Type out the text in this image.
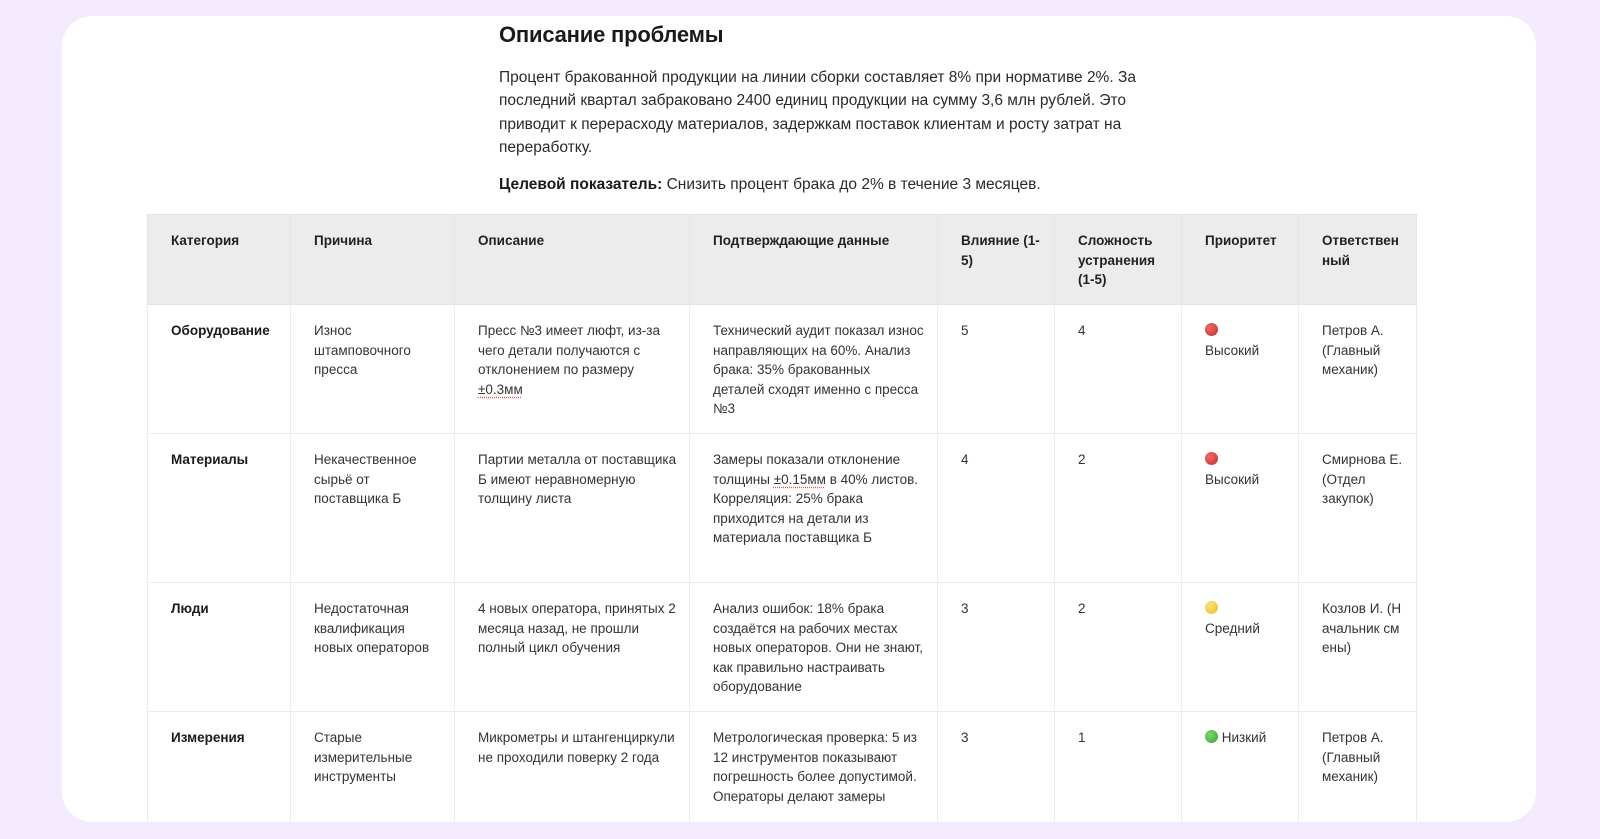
Описание проблемы

Процент бракованной продукции на линии сборки составляет 8% при нормативе 2%. За последний квартал забраковано 2400 единиц продукции на сумму 3,6 млн рублей. Это приводит к перерасходу материалов, задержкам поставок клиентам и росту затрат на переработку.

Целевой показатель: Снизить процент брака до 2% в течение 3 месяцев.

Категория	Причина	Описание	Подтверждающие данные	Влияние (1-5)	Сложность устранения (1-5)	Приоритет	Ответственный
Оборудование	Износ штамповочного пресса	Пресс №3 имеет люфт, из-за чего детали получаются с отклонением по размеру ±0.3мм	Технический аудит показал износ направляющих на 60%. Анализ брака: 35% бракованных деталей сходят именно с пресса №3	5	4	Высокий	Петров А. (Главный механик)
Материалы	Некачественное сырьё от поставщика Б	Партии металла от поставщика Б имеют неравномерную толщину листа	Замеры показали отклонение толщины ±0.15мм в 40% листов. Корреляция: 25% брака приходится на детали из материала поставщика Б	4	2	Высокий	Смирнова Е. (Отдел закупок)
Люди	Недостаточная квалификация новых операторов	4 новых оператора, принятых 2 месяца назад, не прошли полный цикл обучения	Анализ ошибок: 18% брака создаётся на рабочих местах новых операторов. Они не знают, как правильно настраивать оборудование	3	2	Средний	Козлов И. (Начальник смены)
Измерения	Старые измерительные инструменты	Микрометры и штангенциркули не проходили поверку 2 года	Метрологическая проверка: 5 из 12 инструментов показывают погрешность более допустимой. Операторы делают замеры	3	1	Низкий	Петров А. (Главный механик)
